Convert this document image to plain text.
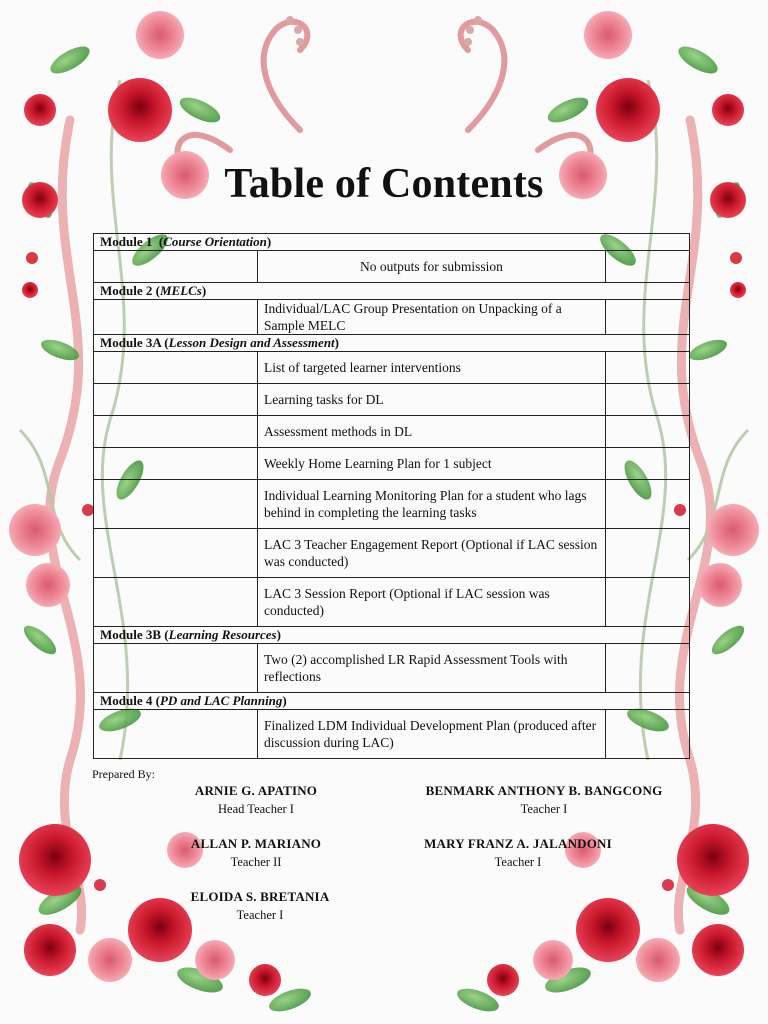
Table of Contents
Module 1  (Course Orientation)		
	No outputs for submission	
Module 2 (MELCs)		
	Individual/LAC Group Presentation on Unpacking of a Sample MELC	
Module 3A (Lesson Design and Assessment)		
	List of targeted learner interventions	
	Learning tasks for DL	
	Assessment methods in DL	
	Weekly Home Learning Plan for 1 subject	
	Individual Learning Monitoring Plan for a student who lags behind in completing the learning tasks	
	LAC 3 Teacher Engagement Report (Optional if LAC session was conducted)	
	LAC 3 Session Report (Optional if LAC session was conducted)	
Module 3B (Learning Resources)		
	Two (2) accomplished LR Rapid Assessment Tools with reflections	
Module 4 (PD and LAC Planning)		
	Finalized LDM Individual Development Plan (produced after discussion during LAC)	
Prepared By:
ARNIE G. APATINO
Head Teacher I
BENMARK ANTHONY B. BANGCONG
Teacher I
ALLAN P. MARIANO
Teacher II
MARY FRANZ A. JALANDONI
Teacher I
ELOIDA S. BRETANIA
Teacher I
